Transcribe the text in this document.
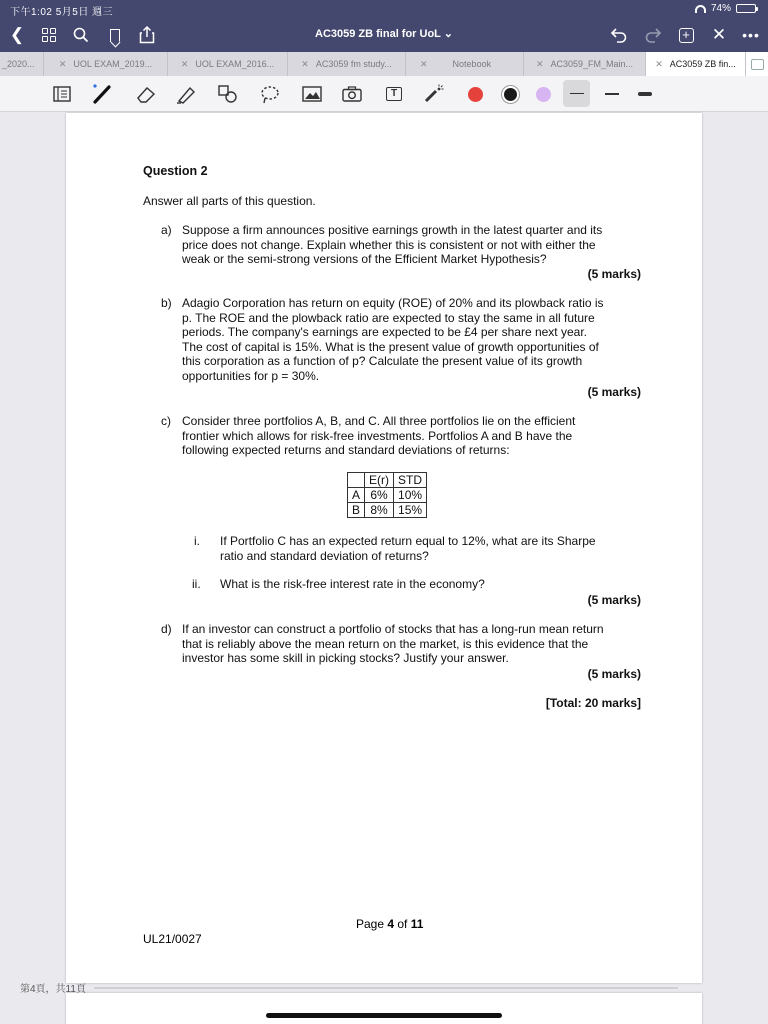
下午1:02 5月5日 週三	74%
❮	AC3059 ZB final for UoL ⌄	+ ✕ •••
_2020...	✕ UOL EXAM_2019...	✕ UOL EXAM_2016...	✕ AC3059 fm study...	✕	Notebook	✕ AC3059_FM_Main... ✕ AC3059 ZB fin...
T
Question 2
Answer all parts of this question.
a) Suppose a firm announces positive earnings growth in the latest quarter and its
price does not change. Explain whether this is consistent or not with either the
weak or the semi-strong versions of the Efficient Market Hypothesis?
(5 marks)
b) Adagio Corporation has return on equity (ROE) of 20% and its plowback ratio is
p. The ROE and the plowback ratio are expected to stay the same in all future
periods. The company's earnings are expected to be £4 per share next year.
The cost of capital is 15%. What is the present value of growth opportunities of
this corporation as a function of p? Calculate the present value of its growth
opportunities for p = 30%.
(5 marks)
c) Consider three portfolios A, B, and C. All three portfolios lie on the efficient
frontier which allows for risk-free investments. Portfolios A and B have the
following expected returns and standard deviations of returns:
	E(r)	STD
A	6%	10%
B	8%	15%
i. If Portfolio C has an expected return equal to 12%, what are its Sharpe
ratio and standard deviation of returns?
ii. What is the risk-free interest rate in the economy?
(5 marks)
d) If an investor can construct a portfolio of stocks that has a long-run mean return
that is reliably above the mean return on the market, is this evidence that the
investor has some skill in picking stocks? Justify your answer.
(5 marks)
[Total: 20 marks]
Page 4 of 11
UL21/0027
第4頁，共11頁
